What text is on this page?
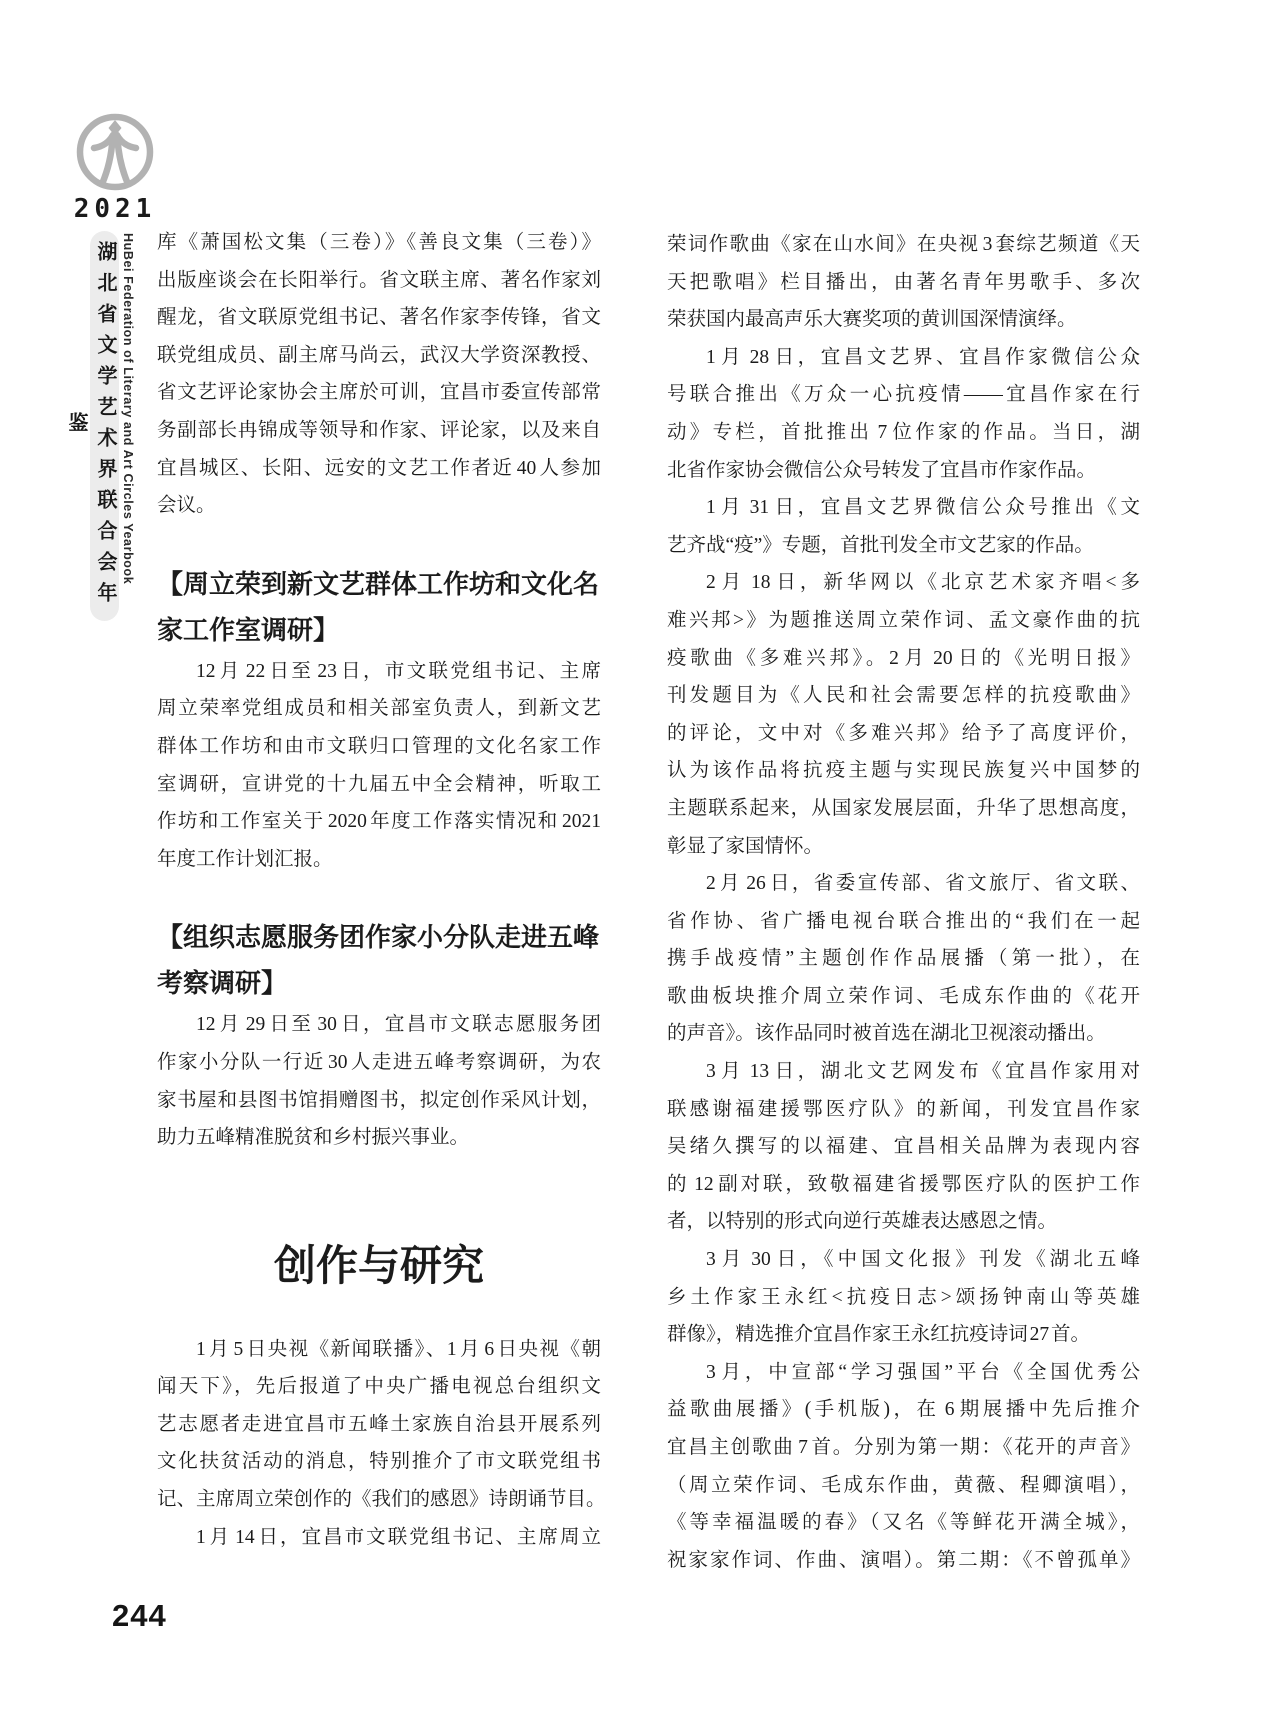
2021
湖北省文学艺术界联合会年鉴	HuBei Federation of Literary and Art Circles Yearbook 库《萧国松文集（三卷）》《善良文集（三卷）》
出版座谈会在长阳举行。省文联主席、著名作家刘
醒龙，省文联原党组书记、著名作家李传锋，省文
联党组成员、副主席马尚云，武汉大学资深教授、
省文艺评论家协会主席於可训，宜昌市委宣传部常
务副部长冉锦成等领导和作家、评论家，以及来自
宜昌城区、长阳、远安的文艺工作者近 40 人参加
会议。
【周立荣到新文艺群体工作坊和文化名
家工作室调研】
12 月 22 日至 23 日，市文联党组书记、主席
周立荣率党组成员和相关部室负责人，到新文艺
群体工作坊和由市文联归口管理的文化名家工作
室调研，宣讲党的十九届五中全会精神，听取工
作坊和工作室关于 2020 年度工作落实情况和 2021
年度工作计划汇报。
【组织志愿服务团作家小分队走进五峰
考察调研】
12 月 29 日至 30 日，宜昌市文联志愿服务团
作家小分队一行近 30 人走进五峰考察调研，为农
家书屋和县图书馆捐赠图书，拟定创作采风计划，
助力五峰精准脱贫和乡村振兴事业。
创作与研究
1 月 5 日央视《新闻联播》、1 月 6 日央视《朝
闻天下》，先后报道了中央广播电视总台组织文
艺志愿者走进宜昌市五峰土家族自治县开展系列
文化扶贫活动的消息，特别推介了市文联党组书
记、主席周立荣创作的《我们的感恩》诗朗诵节目。
1 月 14 日，宜昌市文联党组书记、主席周立
荣词作歌曲《家在山水间》在央视 3 套综艺频道《天
天把歌唱》栏目播出，由著名青年男歌手、多次
荣获国内最高声乐大赛奖项的黄训国深情演绎。
1 月 28 日，宜昌文艺界、宜昌作家微信公众
号联合推出《万众一心抗疫情——宜昌作家在行
动》专栏，首批推出 7 位作家的作品。当日，湖
北省作家协会微信公众号转发了宜昌市作家作品。
1 月 31 日，宜昌文艺界微信公众号推出《文
艺齐战“疫”》专题，首批刊发全市文艺家的作品。
2 月 18 日，新华网以《北京艺术家齐唱<多
难兴邦>》为题推送周立荣作词、孟文豪作曲的抗
疫歌曲《多难兴邦》。2 月 20 日的《光明日报》
刊发题目为《人民和社会需要怎样的抗疫歌曲》
的评论，文中对《多难兴邦》给予了高度评价，
认为该作品将抗疫主题与实现民族复兴中国梦的
主题联系起来，从国家发展层面，升华了思想高度，
彰显了家国情怀。
2 月 26 日，省委宣传部、省文旅厅、省文联、
省作协、省广播电视台联合推出的“我们在一起
携手战疫情”主题创作作品展播（第一批），在
歌曲板块推介周立荣作词、毛成东作曲的《花开
的声音》。该作品同时被首选在湖北卫视滚动播出。
3 月 13 日，湖北文艺网发布《宜昌作家用对
联感谢福建援鄂医疗队》的新闻，刊发宜昌作家
吴绪久撰写的以福建、宜昌相关品牌为表现内容
的 12 副对联，致敬福建省援鄂医疗队的医护工作
者，以特别的形式向逆行英雄表达感恩之情。
3 月 30 日，《中国文化报》刊发《湖北五峰
乡土作家王永红<抗疫日志>颂扬钟南山等英雄
群像》，精选推介宜昌作家王永红抗疫诗词 27 首。
3 月，中宣部“学习强国”平台《全国优秀公
益歌曲展播》(手机版)，在 6 期展播中先后推介
宜昌主创歌曲 7 首。分别为第一期：《花开的声音》
（周立荣作词、毛成东作曲，黄薇、程卿演唱），
《等幸福温暖的春》（又名《等鲜花开满全城》，
祝家家作词、作曲、演唱）。第二期：《不曾孤单》
244
